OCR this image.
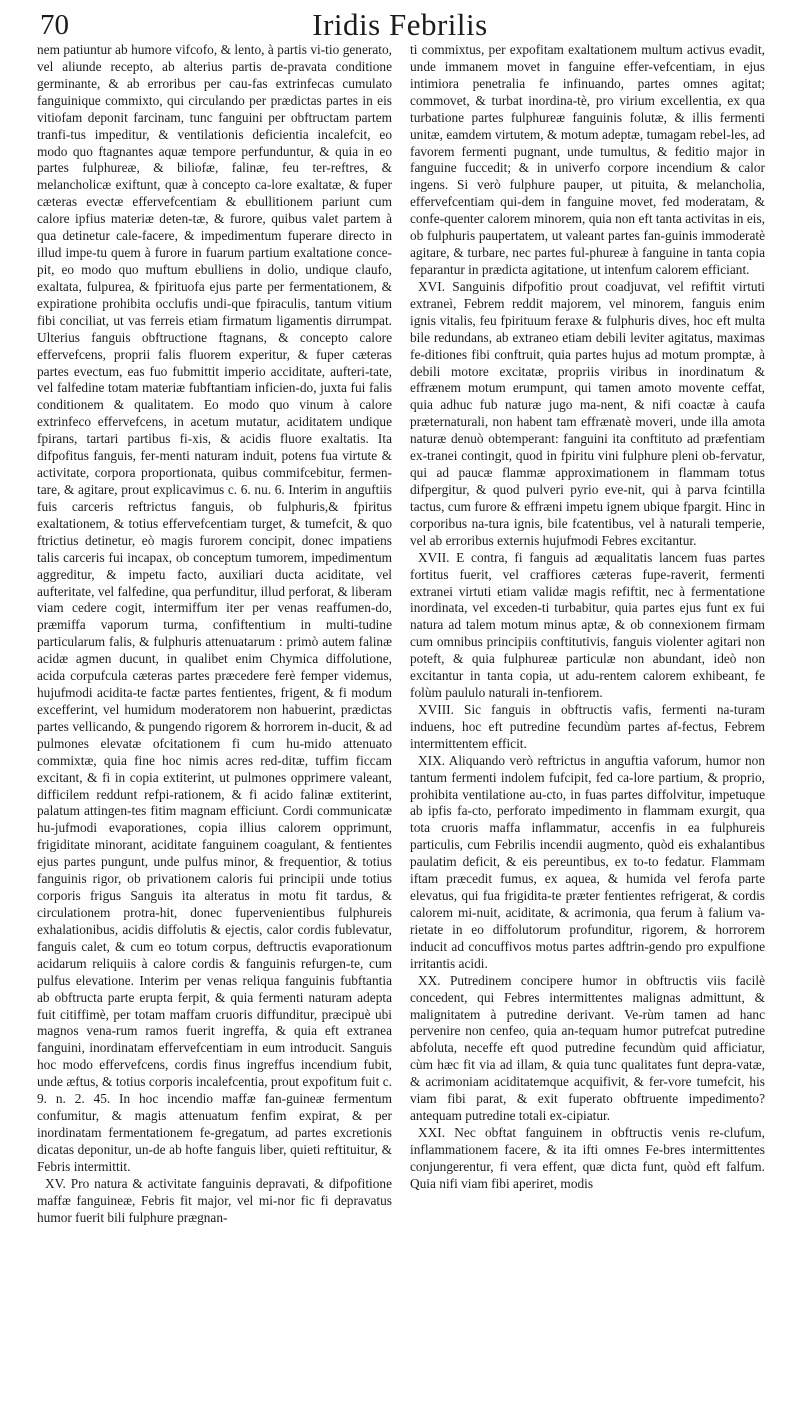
70	Iridis Febrilis

nem patiuntur ab humore vifcofo, & lento, à partis vi-tio generato, vel aliunde recepto, ab alterius partis de-pravata conditione germinante, & ab erroribus per cau-fas extrinfecas cumulato fanguinique commixto, qui circulando per prædictas partes in eis vitiofam deponit farcinam, tunc fanguini per obftructam partem tranfi-tus impeditur, & ventilationis deficientia incalefcit, eo modo quo ftagnantes aquæ tempore perfunduntur, & quia in eo partes fulphureæ, & biliofæ, falinæ, feu ter-reftres, & melancholicæ exiftunt, quæ à concepto ca-lore exaltatæ, & fuper cæteras evectæ effervefcentiam & ebullitionem pariunt cum calore ipfius materiæ deten-tæ, & furore, quibus valet partem à qua detinetur cale-facere, & impedimentum fuperare directo in illud impe-tu quem à furore in fuarum partium exaltatione conce-pit, eo modo quo muftum ebulliens in dolio, undique claufo, exaltata, fulpurea, & fpirituofa ejus parte per fermentationem, & expiratione prohibita occlufis undi-que fpiraculis, tantum vitium fibi conciliat, ut vas ferreis etiam firmatum ligamentis dirrumpat. Ulterius fanguis obftructione ftagnans, & concepto calore effervefcens, proprii falis fluorem experitur, & fuper cæteras partes evectum, eas fuo fubmittit imperio acciditate, aufteri-tate, vel falfedine totam materiæ fubftantiam inficien-do, juxta fui falis conditionem & qualitatem. Eo modo quo vinum à calore extrinfeco effervefcens, in acetum mutatur, aciditatem undique fpirans, tartari partibus fi-xis, & acidis fluore exaltatis. Ita difpofitus fanguis, fer-menti naturam induit, potens fua virtute & activitate, corpora proportionata, quibus commifcebitur, fermen-tare, & agitare, prout explicavimus c. 6. nu. 6. Interim in anguftiis fuis carceris reftrictus fanguis, ob fulphuris,& fpiritus exaltationem, & totius effervefcentiam turget, & tumefcit, & quo ftrictius detinetur, eò magis furorem concipit, donec impatiens talis carceris fui incapax, ob conceptum tumorem, impedimentum aggreditur, & impetu facto, auxiliari ducta aciditate, vel aufteritate, vel falfedine, qua perfunditur, illud perforat, & liberam viam cedere cogit, intermiffum iter per venas reaffumen-do, præmiffa vaporum turma, confiftentium in multi-tudine particularum falis, & fulphuris attenuatarum : primò autem falinæ acidæ agmen ducunt, in qualibet enim Chymica diffolutione, acida corpufcula cæteras partes præcedere ferè femper videmus, hujufmodi acidita-te factæ partes fentientes, frigent, & fi modum excefferint, vel humidum moderatorem non habuerint, prædictas partes vellicando, & pungendo rigorem & horrorem in-ducit, & ad pulmones elevatæ ofcitationem fi cum hu-mido attenuato commixtæ, quia fine hoc nimis acres red-ditæ, tuffim ficcam excitant, & fi in copia extiterint, ut pulmones opprimere valeant, difficilem reddunt refpi-rationem, & fi acido falinæ extiterint, palatum attingen-tes fitim magnam efficiunt. Cordi communicatæ hu-jufmodi evaporationes, copia illius calorem opprimunt, frigiditate minorant, aciditate fanguinem coagulant, & fentientes ejus partes pungunt, unde pulfus minor, & frequentior, & totius fanguinis rigor, ob privationem caloris fui principii unde totius corporis frigus Sanguis ita alteratus in motu fit tardus, & circulationem protra-hit, donec fupervenientibus fulphureis exhalationibus, acidis diffolutis & ejectis, calor cordis fublevatur, fanguis calet, & cum eo totum corpus, deftructis evaporationum acidarum reliquiis à calore cordis & fanguinis refurgen-te, cum pulfus elevatione. Interim per venas reliqua fanguinis fubftantia ab obftructa parte erupta ferpit, & quia fermenti naturam adepta fuit citiffimè, per totam maffam cruoris diffunditur, præcipuè ubi magnos vena-rum ramos fuerit ingreffa, & quia eft extranea fanguini, inordinatam effervefcentiam in eum introducit. Sanguis hoc modo effervefcens, cordis finus ingreffus incendium fubit, unde æftus, & totius corporis incalefcentia, prout expofitum fuit c. 9. n. 2. 45. In hoc incendio maffæ fan-guineæ fermentum confumitur, & magis attenuatum fenfim expirat, & per inordinatam fermentationem fe-gregatum, ad partes excretionis dicatas deponitur, un-de ab hofte fanguis liber, quieti reftituitur, & Febris intermittit.

XV. Pro natura & activitate fanguinis depravati, & difpofitione maffæ fanguineæ, Febris fit major, vel mi-nor fic fi depravatus humor fuerit bili fulphure prægnan-

ti commixtus, per expofitam exaltationem multum activus evadit, unde immanem movet in fanguine effer-vefcentiam, in ejus intimiora penetralia fe infinuando, partes omnes agitat; commovet, & turbat inordina-tè, pro virium excellentia, ex qua turbatione partes fulphureæ fanguinis folutæ, & illis fermenti unitæ, eamdem virtutem, & motum adeptæ, tumagam rebel-les, ad favorem fermenti pugnant, unde tumultus, & feditio major in fanguine fuccedit; & in univerfo corpore incendium & calor ingens. Si verò fulphure pauper, ut pituita, & melancholia, effervefcentiam qui-dem in fanguine movet, fed moderatam, & confe-quenter calorem minorem, quia non eft tanta activitas in eis, ob fulphuris paupertatem, ut valeant partes fan-guinis immoderatè agitare, & turbare, nec partes ful-phureæ à fanguine in tanta copia feparantur in prædicta agitatione, ut intenfum calorem efficiant.

XVI. Sanguinis difpofitio prout coadjuvat, vel refiftit virtuti extraneì, Febrem reddit majorem, vel minorem, fanguis enim ignis vitalis, feu fpirituum feraxe & fulphuris dives, hoc eft multa bile redundans, ab extraneo etiam debili leviter agitatus, maximas fe-ditiones fibi conftruit, quia partes hujus ad motum promptæ, à debili motore excitatæ, propriis viribus in inordinatum & effrænem motum erumpunt, qui tamen amoto movente ceffat, quia adhuc fub naturæ jugo ma-nent, & nifi coactæ à caufa præternaturali, non habent tam effrænatè moveri, unde illa amota naturæ denuò obtemperant: fanguini ita conftituto ad præfentiam ex-tranei contingit, quod in fpiritu vini fulphure pleni ob-fervatur, qui ad paucæ flammæ approximationem in flammam totus difpergitur, & quod pulveri pyrio eve-nit, qui à parva fcintilla tactus, cum furore & effræni impetu ignem ubique fpargit. Hinc in corporibus na-tura ignis, bile fcatentibus, vel à naturali temperie, vel ab erroribus externis hujufmodi Febres excitantur.

XVII. E contra, fi fanguis ad æqualitatis lancem fuas partes fortitus fuerit, vel craffiores cæteras fupe-raverit, fermenti extranei virtuti etiam validæ magis refiftit, nec à fermentatione inordinata, vel exceden-ti turbabitur, quia partes ejus funt ex fui natura ad talem motum minus aptæ, & ob connexionem firmam cum omnibus principiis conftitutivis, fanguis violenter agitari non poteft, & quia fulphureæ particulæ non abundant, ideò non excitantur in tanta copia, ut adu-rentem calorem exhibeant, fe folùm paululo naturali in-tenfiorem.

XVIII. Sic fanguis in obftructis vafis, fermenti na-turam induens, hoc eft putredine fecundùm partes af-fectus, Febrem intermittentem efficit.

XIX. Aliquando verò reftrictus in anguftia vaforum, humor non tantum fermenti indolem fufcipit, fed ca-lore partium, & proprio, prohibita ventilatione au-cto, in fuas partes diffolvitur, impetuque ab ipfis fa-cto, perforato impedimento in flammam exurgit, qua tota cruoris maffa inflammatur, accenfis in ea fulphureis particulis, cum Febrilis incendii augmento, quòd eis exhalantibus paulatim deficit, & eis pereuntibus, ex to-to fedatur. Flammam iftam præcedit fumus, ex aquea, & humida vel ferofa parte elevatus, qui fua frigidita-te præter fentientes refrigerat, & cordis calorem mi-nuit, aciditate, & acrimonia, qua ferum à falium va-rietate in eo diffolutorum profunditur, rigorem, & horrorem inducit ad concuffivos motus partes adftrin-gendo pro expulfione irritantis acidi.

XX. Putredinem concipere humor in obftructis viis facilè concedent, qui Febres intermittentes malignas admittunt, & malignitatem à putredine derivant. Ve-rùm tamen ad hanc pervenire non cenfeo, quia an-tequam humor putrefcat putredine abfoluta, neceffe eft quod putredine fecundùm quid afficiatur, cùm hæc fit via ad illam, & quia tunc qualitates funt depra-vatæ, & acrimoniam aciditatemque acquifivit, & fer-vore tumefcit, his viam fibi parat, & exit fuperato obftruente impedimento? antequam putredine totali ex-cipiatur.

XXI. Nec obftat fanguinem in obftructis venis re-clufum, inflammationem facere, & ita ifti omnes Fe-bres intermittentes conjungerentur, fi vera effent, quæ dicta funt, quòd eft falfum. Quia nifi viam fibi aperiret, modis
